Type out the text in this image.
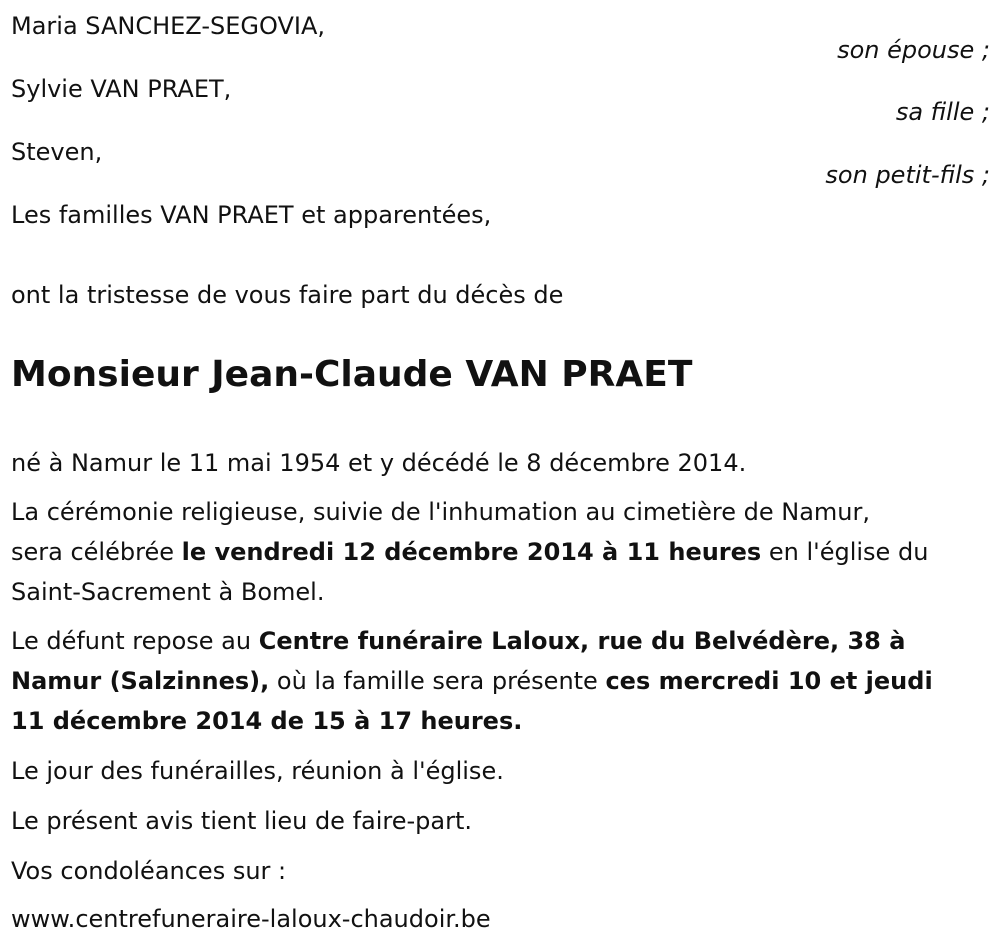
Maria SANCHEZ-SEGOVIA,
son épouse ;
Sylvie VAN PRAET,
sa fille ;
Steven,
son petit-fils ;
Les familles VAN PRAET et apparentées,
ont la tristesse de vous faire part du décès de
Monsieur Jean-Claude VAN PRAET
né à Namur le 11 mai 1954 et y décédé le 8 décembre 2014.
La cérémonie religieuse, suivie de l'inhumation au cimetière de Namur,
sera célébrée le vendredi 12 décembre 2014 à 11 heures en l'église du
Saint-Sacrement à Bomel.
Le défunt repose au Centre funéraire Laloux, rue du Belvédère, 38 à
Namur (Salzinnes), où la famille sera présente ces mercredi 10 et jeudi
11 décembre 2014 de 15 à 17 heures.
Le jour des funérailles, réunion à l'église.
Le présent avis tient lieu de faire-part.
Vos condoléances sur :
www.centrefuneraire-laloux-chaudoir.be
